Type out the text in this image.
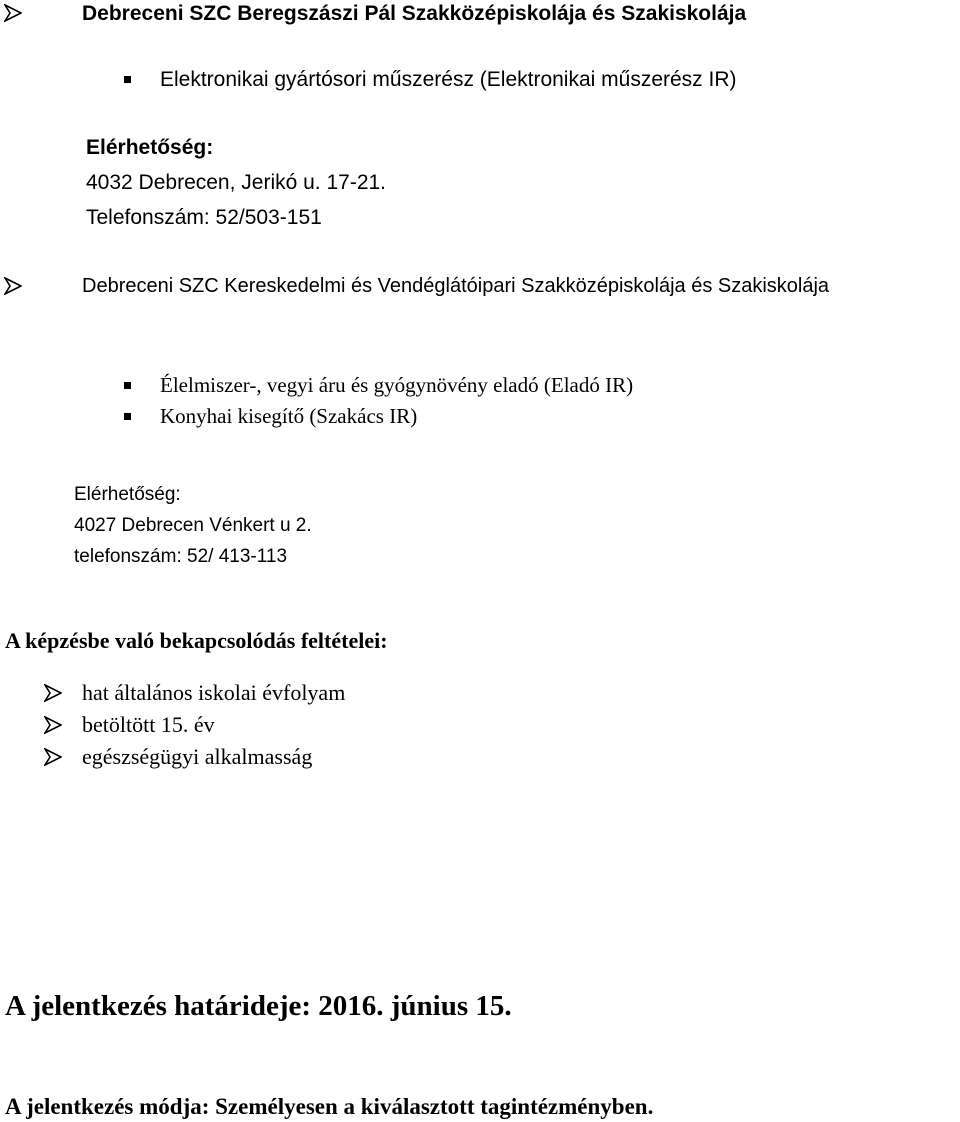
Debreceni SZC Beregszászi Pál Szakközépiskolája és Szakiskolája
Elektronikai gyártósori műszerész (Elektronikai műszerész IR)
Elérhetőség:
4032 Debrecen, Jerikó u. 17-21.
Telefonszám: 52/503-151
Debreceni SZC Kereskedelmi és Vendéglátóipari Szakközépiskolája és Szakiskolája
Élelmiszer-, vegyi áru és gyógynövény eladó (Eladó IR)
Konyhai kisegítő (Szakács IR)
Elérhetőség:
4027 Debrecen Vénkert u 2.
telefonszám: 52/ 413-113
A képzésbe való bekapcsolódás feltételei:
hat általános iskolai évfolyam
betöltött 15. év
egészségügyi alkalmasság
A jelentkezés határideje: 2016. június 15.
A jelentkezés módja: Személyesen a kiválasztott tagintézményben.
